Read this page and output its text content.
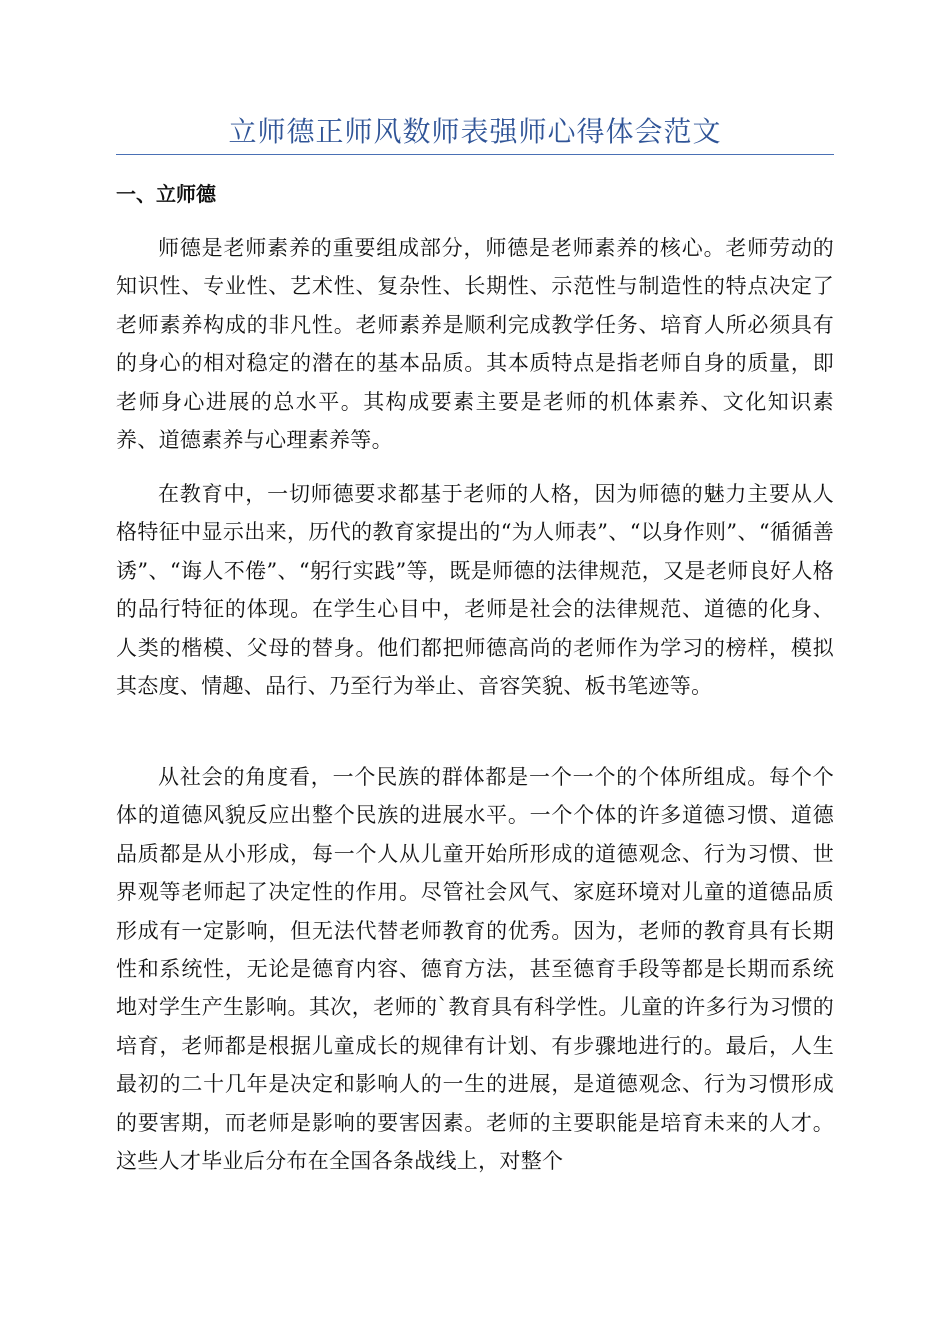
立师德正师风数师表强师心得体会范文
一、立师德

师德是老师素养的重要组成部分，师德是老师素养的核心。老师劳动的知识性、专业性、艺术性、复杂性、长期性、示范性与制造性的特点决定了老师素养构成的非凡性。老师素养是顺利完成教学任务、培育人所必须具有的身心的相对稳定的潜在的基本品质。其本质特点是指老师自身的质量，即老师身心进展的总水平。其构成要素主要是老师的机体素养、文化知识素养、道德素养与心理素养等。

在教育中，一切师德要求都基于老师的人格，因为师德的魅力主要从人格特征中显示出来，历代的教育家提出的“为人师表”、“以身作则”、“循循善诱”、“诲人不倦”、“躬行实践”等，既是师德的法律规范，又是老师良好人格的品行特征的体现。在学生心目中，老师是社会的法律规范、道德的化身、人类的楷模、父母的替身。他们都把师德高尚的老师作为学习的榜样，模拟其态度、情趣、品行、乃至行为举止、音容笑貌、板书笔迹等。

从社会的角度看，一个民族的群体都是一个一个的个体所组成。每个个体的道德风貌反应出整个民族的进展水平。一个个体的许多道德习惯、道德品质都是从小形成，每一个人从儿童开始所形成的道德观念、行为习惯、世界观等老师起了决定性的作用。尽管社会风气、家庭环境对儿童的道德品质形成有一定影响，但无法代替老师教育的优秀。因为，老师的教育具有长期性和系统性，无论是德育内容、德育方法，甚至德育手段等都是长期而系统地对学生产生影响。其次，老师的`教育具有科学性。儿童的许多行为习惯的培育，老师都是根据儿童成长的规律有计划、有步骤地进行的。最后，人生最初的二十几年是决定和影响人的一生的进展，是道德观念、行为习惯形成的要害期，而老师是影响的要害因素。老师的主要职能是培育未来的人才。这些人才毕业后分布在全国各条战线上，对整个
